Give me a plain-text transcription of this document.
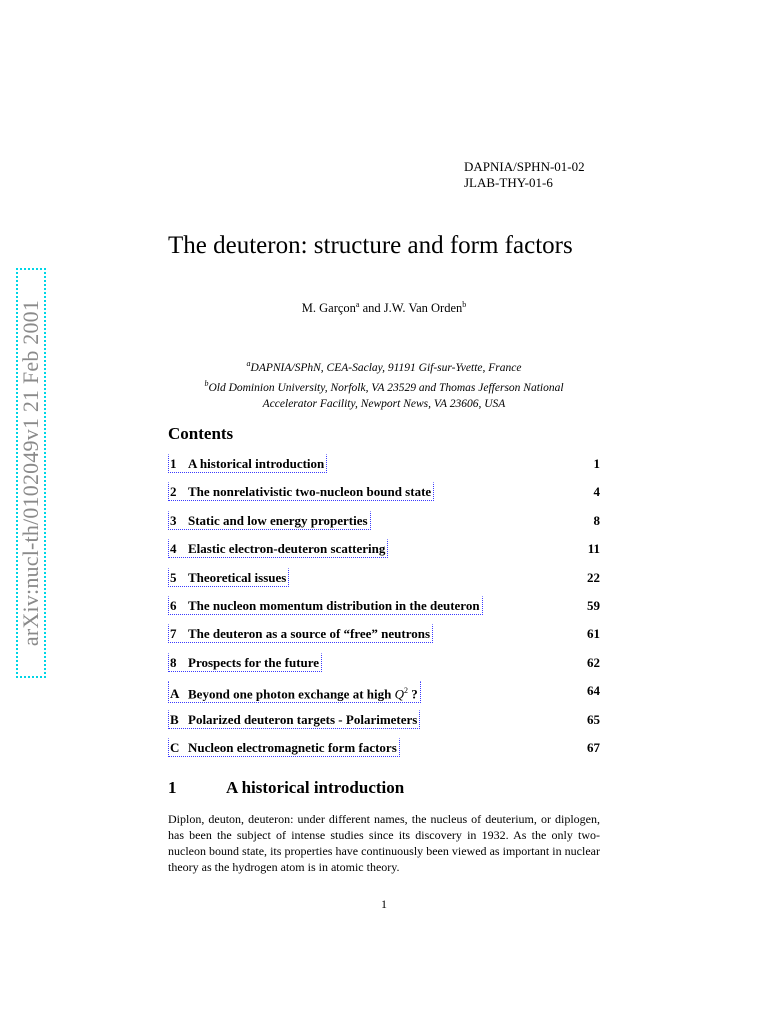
arXiv:nucl-th/0102049v1 21 Feb 2001
DAPNIA/SPHN-01-02
JLAB-THY-01-6
The deuteron: structure and form factors
M. Garçon$^a$ and J.W. Van Orden$^b$
$^a$DAPNIA/SPhN, CEA-Saclay, 91191 Gif-sur-Yvette, France
$^b$Old Dominion University, Norfolk, VA 23529 and Thomas Jefferson National
Accelerator Facility, Newport News, VA 23606, USA
Contents
1 A historical introduction	1
2 The nonrelativistic two-nucleon bound state	4
3 Static and low energy properties	8
4 Elastic electron-deuteron scattering	11
5 Theoretical issues	22
6 The nucleon momentum distribution in the deuteron	59
7 The deuteron as a source of “free” neutrons	61
8 Prospects for the future	62
A Beyond one photon exchange at high $Q^2$ ?	64
B Polarized deuteron targets - Polarimeters	65
C Nucleon electromagnetic form factors	67
1	A historical introduction

Diplon, deuton, deuteron: under different names, the nucleus of deuterium, or diplogen, has been the subject of intense studies since its discovery in 1932. As the only two-nucleon bound state, its properties have continuously been viewed as important in nuclear theory as the hydrogen atom is in atomic theory.

1
